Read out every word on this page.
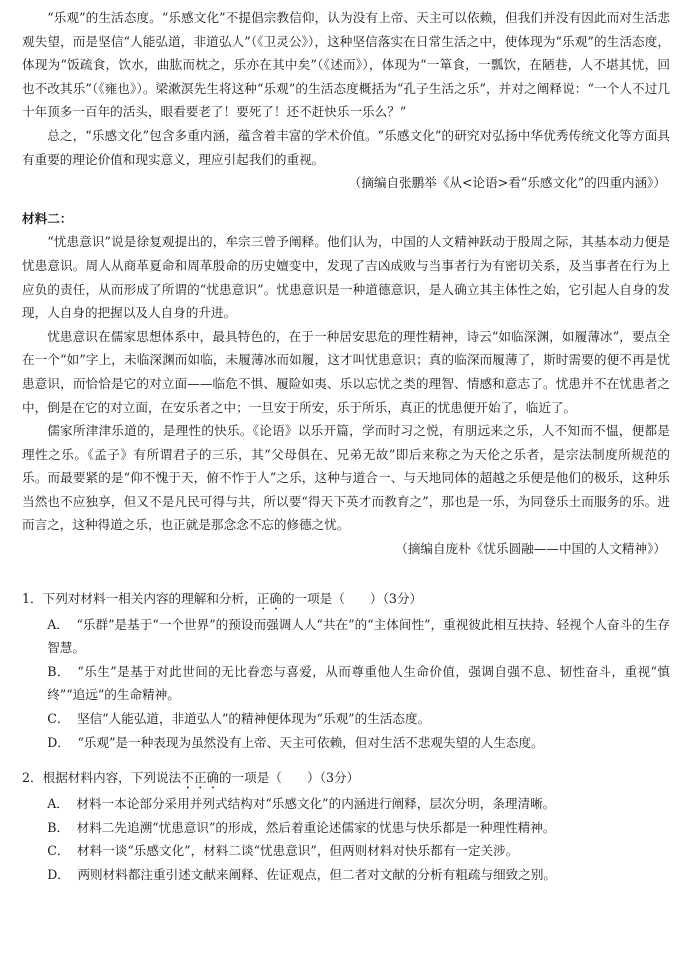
“乐观”的生活态度。“乐感文化”不提倡宗教信仰，认为没有上帝、天主可以依赖，但我们并没有因此而对生活悲观失望，而是坚信“人能弘道，非道弘人”（《卫灵公》），这种坚信落实在日常生活之中，使体现为“乐观”的生活态度，体现为“饭疏食，饮水，曲肱而枕之，乐亦在其中矣”（《述而》），体现为“一箪食，一瓢饮，在陋巷，人不堪其忧，回也不改其乐”（《雍也》）。梁漱溟先生将这种“乐观”的生活态度概括为“孔子生活之乐”，并对之阐释说：“一个人不过几十年顶多一百年的活头，眼看要老了！要死了！还不赶快乐一乐么？”

总之，“乐感文化”包含多重内涵，蕴含着丰富的学术价值。“乐感文化”的研究对弘扬中华优秀传统文化等方面具有重要的理论价值和现实意义，理应引起我们的重视。

（摘编自张鹏举《从<论语>看“乐感文化”的四重内涵》）

材料二：

“忧患意识”说是徐复观提出的，牟宗三曾予阐释。他们认为，中国的人文精神跃动于殷周之际，其基本动力便是忧患意识。周人从商革夏命和周革殷命的历史嬗变中，发现了吉凶成败与当事者行为有密切关系，及当事者在行为上应负的责任，从而形成了所谓的“忧患意识”。忧患意识是一种道德意识，是人确立其主体性之始，它引起人自身的发现，人自身的把握以及人自身的升进。

忧患意识在儒家思想体系中，最具特色的，在于一种居安思危的理性精神，诗云“如临深渊，如履薄冰”，要点全在一个“如”字上，未临深渊而如临，未履薄冰而如履，这才叫忧患意识；真的临深而履薄了，斯时需要的便不再是忧患意识，而恰恰是它的对立面——临危不惧、履险如夷、乐以忘忧之类的理智、情感和意志了。忧患并不在忧患者之中，倒是在它的对立面，在安乐者之中；一旦安于所安，乐于所乐，真正的忧患便开始了，临近了。

儒家所津津乐道的，是理性的快乐。《论语》以乐开篇，学而时习之悦，有朋远来之乐，人不知而不愠，便都是理性之乐。《孟子》有所谓君子的三乐，其“父母俱在、兄弟无故”即后来称之为天伦之乐者，是宗法制度所规范的乐。而最要紧的是“仰不愧于天，俯不怍于人”之乐，这种与道合一、与天地同体的超越之乐便是他们的极乐，这种乐当然也不应独享，但又不是凡民可得与共，所以要“得天下英才而教育之”，那也是一乐，为同登乐土而服务的乐。进而言之，这种得道之乐，也正就是那念念不忘的修德之忧。

（摘编自庞朴《忧乐圆融——中国的人文精神》）

1．下列对材料一相关内容的理解和分析，正确的一项是（　　）（3分）

A． “乐群”是基于“一个世界”的预设而强调人人“共在”的“主体间性”，重视彼此相互扶持、轻视个人奋斗的生存智慧。

B． “乐生”是基于对此世间的无比眷恋与喜爱，从而尊重他人生命价值，强调自强不息、韧性奋斗，重视“慎终”“追远”的生命精神。

C． 坚信“人能弘道，非道弘人”的精神便体现为“乐观”的生活态度。

D． “乐观”是一种表现为虽然没有上帝、天主可依赖，但对生活不悲观失望的人生态度。

2．根据材料内容，下列说法不正确的一项是（　　）（3分）

A． 材料一本论部分采用并列式结构对“乐感文化”的内涵进行阐释，层次分明，条理清晰。

B． 材料二先追溯“忧患意识”的形成，然后着重论述儒家的忧患与快乐都是一种理性精神。

C． 材料一谈“乐感文化”，材料二谈“忧患意识”，但两则材料对快乐都有一定关涉。

D． 两则材料都注重引述文献来阐释、佐证观点，但二者对文献的分析有粗疏与细致之别。
